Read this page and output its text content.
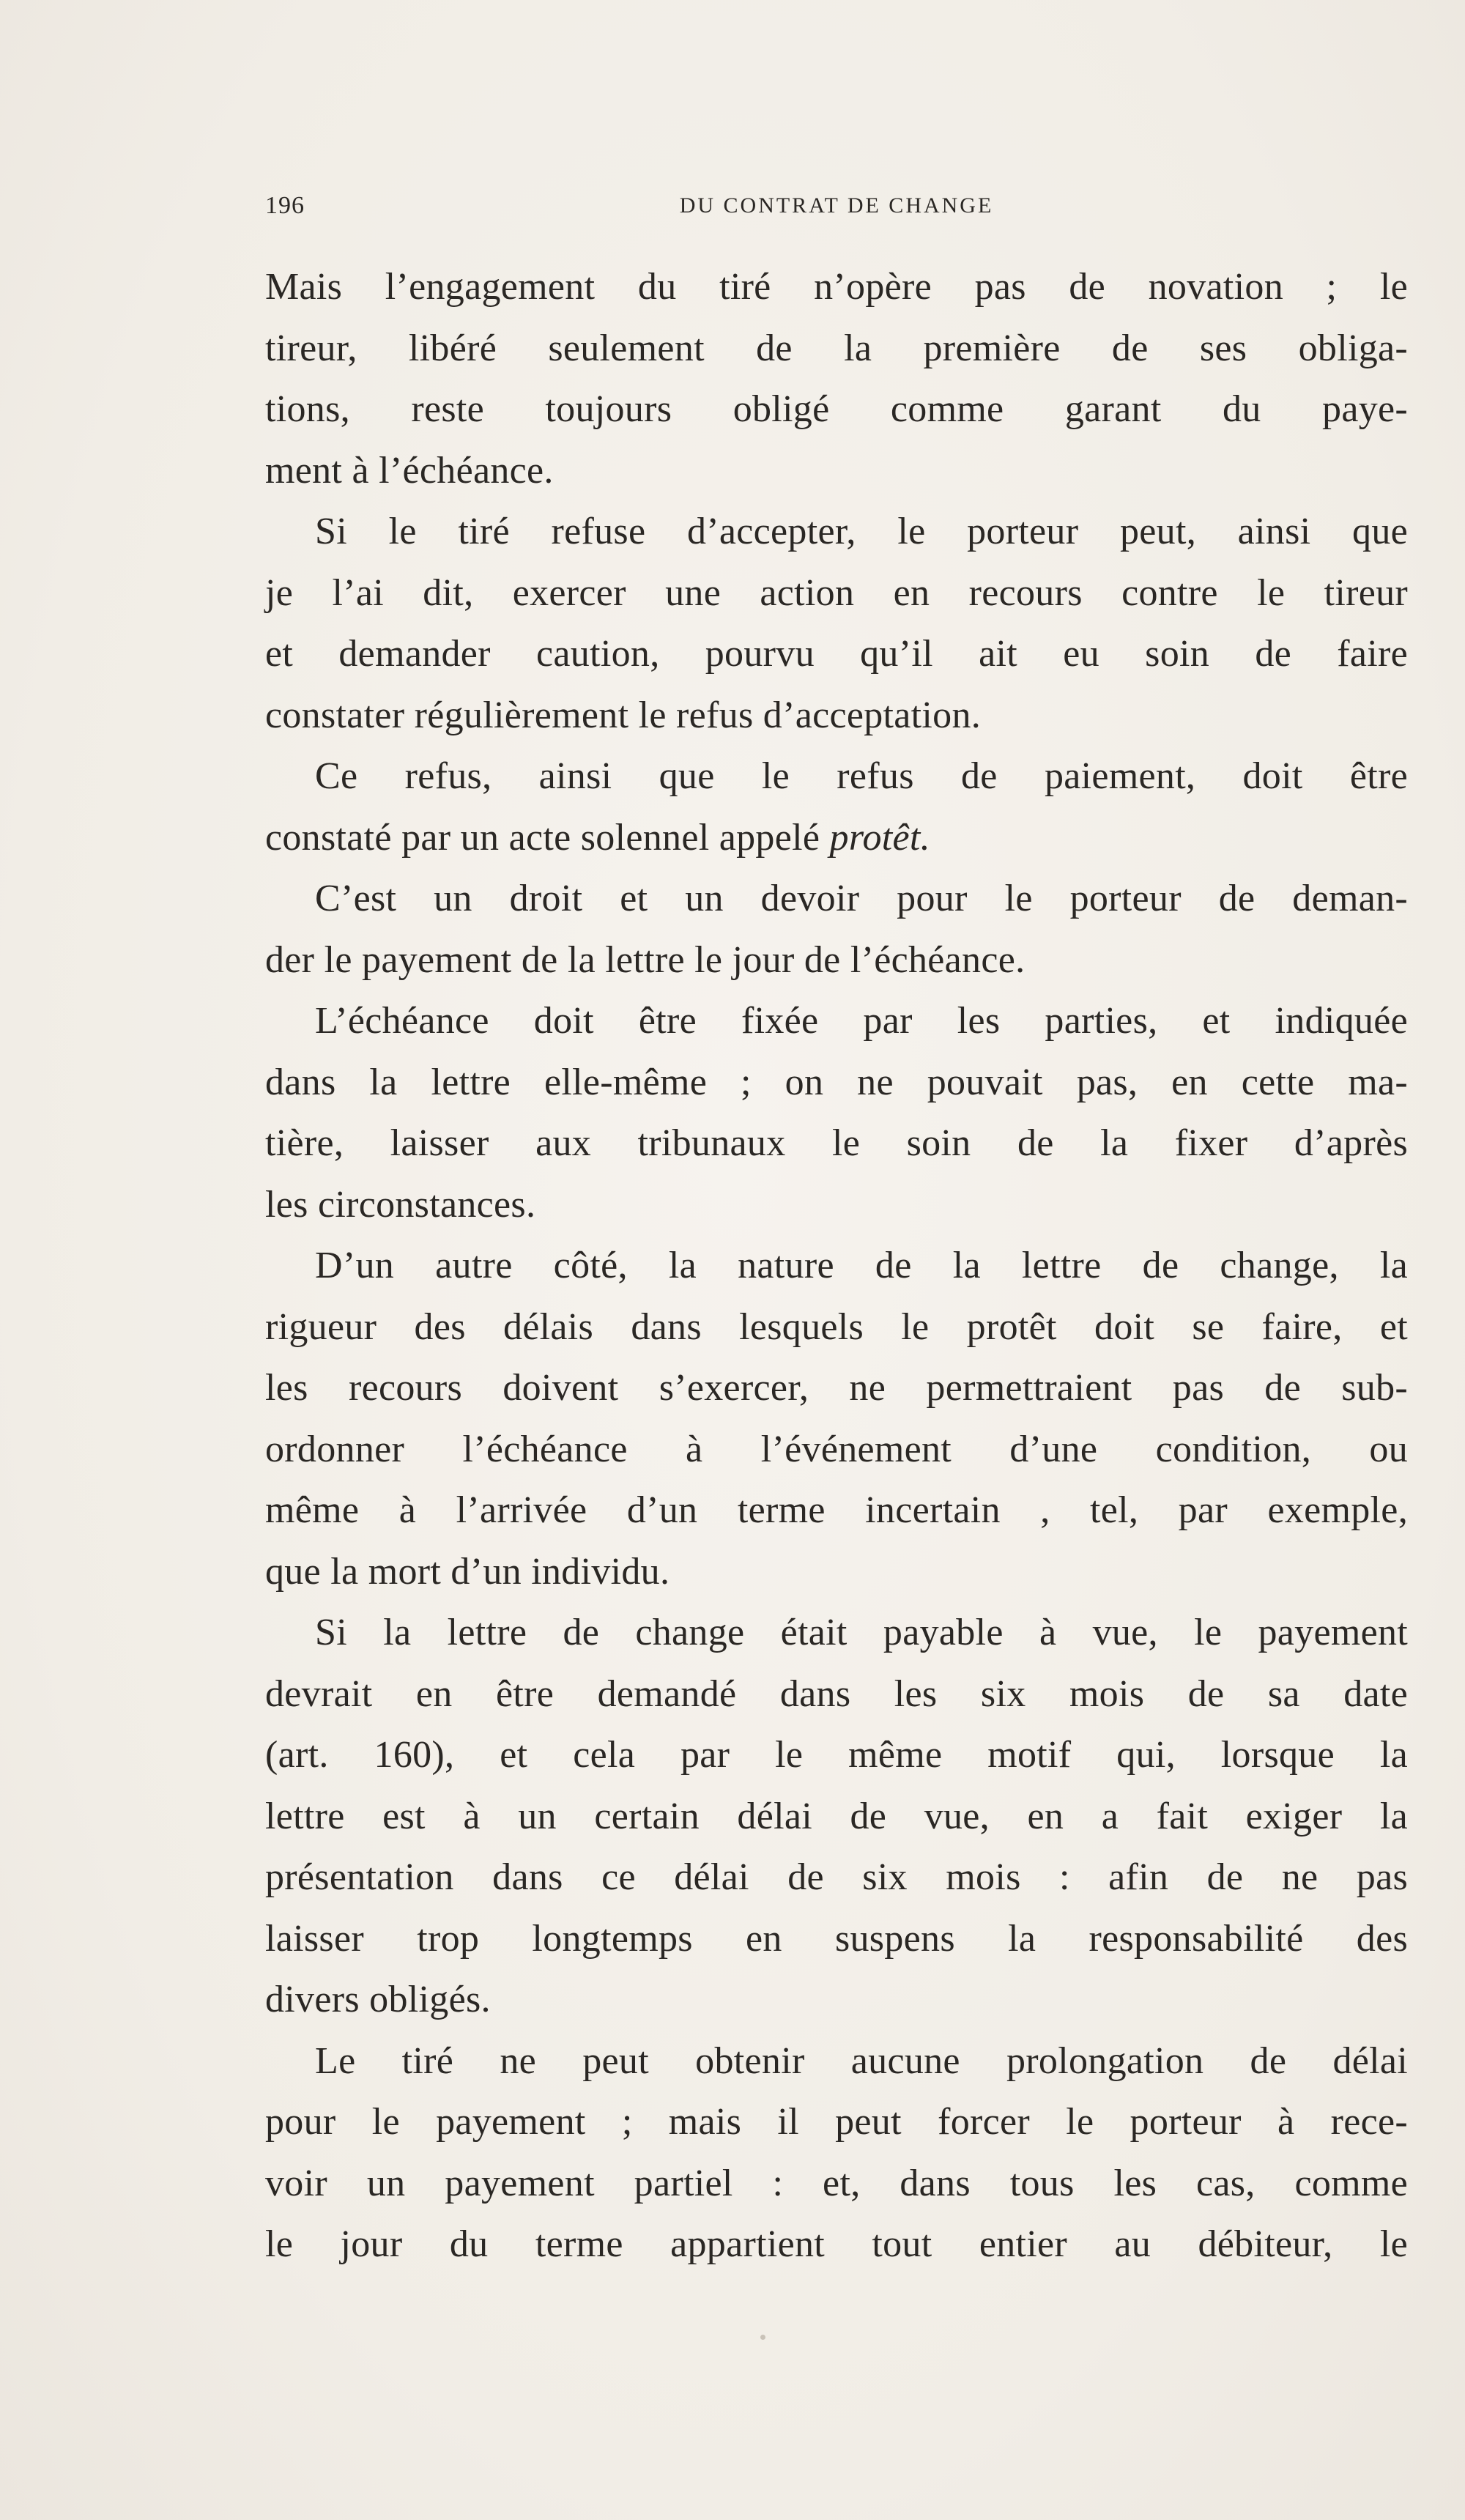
196	DU CONTRAT DE CHANGE
Mais l’engagement du tiré n’opère pas de novation ; le
tireur, libéré seulement de la première de ses obliga-
tions, reste toujours obligé comme garant du paye-
ment à l’échéance.
Si le tiré refuse d’accepter, le porteur peut, ainsi que
je l’ai dit, exercer une action en recours contre le tireur
et demander caution, pourvu qu’il ait eu soin de faire
constater régulièrement le refus d’acceptation.
Ce refus, ainsi que le refus de paiement, doit être
constaté par un acte solennel appelé protêt.
C’est un droit et un devoir pour le porteur de deman-
der le payement de la lettre le jour de l’échéance.
L’échéance doit être fixée par les parties, et indiquée
dans la lettre elle-même ; on ne pouvait pas, en cette ma-
tière, laisser aux tribunaux le soin de la fixer d’après
les circonstances.
D’un autre côté, la nature de la lettre de change, la
rigueur des délais dans lesquels le protêt doit se faire, et
les recours doivent s’exercer, ne permettraient pas de sub-
ordonner l’échéance à l’événement d’une condition, ou
même à l’arrivée d’un terme incertain , tel, par exemple,
que la mort d’un individu.
Si la lettre de change était payable à vue, le payement
devrait en être demandé dans les six mois de sa date
(art. 160), et cela par le même motif qui, lorsque la
lettre est à un certain délai de vue, en a fait exiger la
présentation dans ce délai de six mois : afin de ne pas
laisser trop longtemps en suspens la responsabilité des
divers obligés.
Le tiré ne peut obtenir aucune prolongation de délai
pour le payement ; mais il peut forcer le porteur à rece-
voir un payement partiel : et, dans tous les cas, comme
le jour du terme appartient tout entier au débiteur, le
